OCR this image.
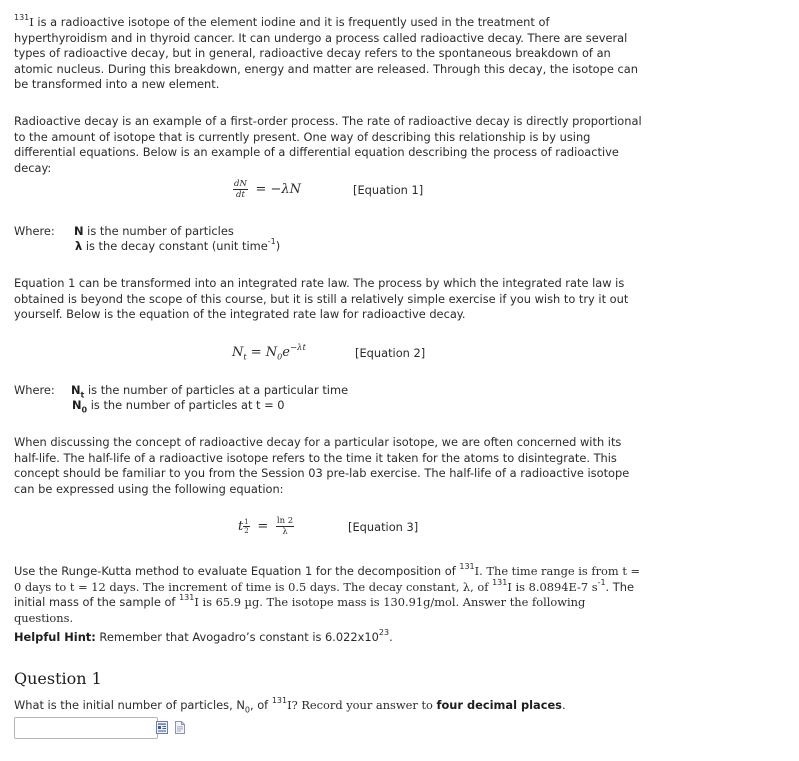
$^{131}$I is a radioactive isotope of the element iodine and it is frequently used in the treatment of hyperthyroidism and in thyroid cancer. It can undergo a process called radioactive decay. There are several types of radioactive decay, but in general, radioactive decay refers to the spontaneous breakdown of an atomic nucleus. During this breakdown, energy and matter are released. Through this decay, the isotope can be transformed into a new element.

Radioactive decay is an example of a first-order process. The rate of radioactive decay is directly proportional to the amount of isotope that is currently present. One way of describing this relationship is by using differential equations. Below is an example of a differential equation describing the process of radioactive decay:

$\frac{dN}{dt} = -\lambda N$	[Equation 1]
Where: N is the number of particles
λ is the decay constant (unit time$^{-1}$)

Equation 1 can be transformed into an integrated rate law. The process by which the integrated rate law is obtained is beyond the scope of this course, but it is still a relatively simple exercise if you wish to try it out yourself. Below is the equation of the integrated rate law for radioactive decay.

$N_t = N_0e^{-\lambda t}$	[Equation 2]
Where: $N_t$ is the number of particles at a particular time
$N_0$ is the number of particles at t = 0

When discussing the concept of radioactive decay for a particular isotope, we are often concerned with its half-life. The half-life of a radioactive isotope refers to the time it taken for the atoms to disintegrate. This concept should be familiar to you from the Session 03 pre-lab exercise. The half-life of a radioactive isotope can be expressed using the following equation:

t $\frac{1}{2} = \frac{\ln 2}{\lambda}$	[Equation 3]

Use the Runge-Kutta method to evaluate Equation 1 for the decomposition of $^{131}$I. The time range is from t = 0 days to t = 12 days. The increment of time is 0.5 days. The decay constant, λ, of $^{131}$I is 8.0894E-7 $s^{-1}$. The initial mass of the sample of $^{131}$I is 65.9 µg. The isotope mass is 130.91g/mol. Answer the following questions.

Helpful Hint: Remember that Avogadro’s constant is $6.022x10^{23}$.

Question 1

What is the initial number of particles, $N_0$, of $^{131}$I? Record your answer to four decimal places.
